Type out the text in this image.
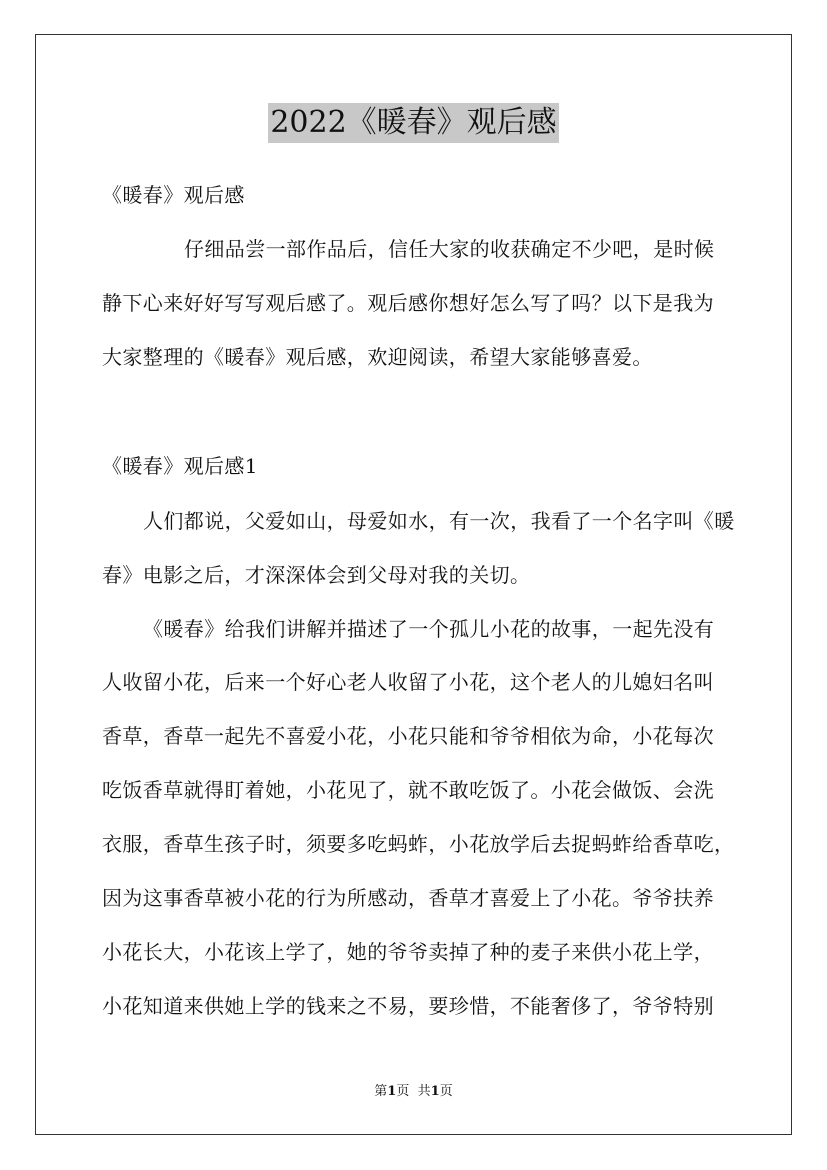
2022《暖春》观后感
《暖春》观后感
仔细品尝一部作品后，信任大家的收获确定不少吧，是时候
静下心来好好写写观后感了。观后感你想好怎么写了吗？以下是我为
大家整理的《暖春》观后感，欢迎阅读，希望大家能够喜爱。
《暖春》观后感1
人们都说，父爱如山，母爱如水，有一次，我看了一个名字叫《暖
春》电影之后，才深深体会到父母对我的关切。
《暖春》给我们讲解并描述了一个孤儿小花的故事，一起先没有
人收留小花，后来一个好心老人收留了小花，这个老人的儿媳妇名叫
香草，香草一起先不喜爱小花，小花只能和爷爷相依为命，小花每次
吃饭香草就得盯着她，小花见了，就不敢吃饭了。小花会做饭、会洗
衣服，香草生孩子时，须要多吃蚂蚱，小花放学后去捉蚂蚱给香草吃，
因为这事香草被小花的行为所感动，香草才喜爱上了小花。爷爷扶养
小花长大，小花该上学了，她的爷爷卖掉了种的麦子来供小花上学，
小花知道来供她上学的钱来之不易，要珍惜，不能奢侈了，爷爷特别
第1页 共1页
